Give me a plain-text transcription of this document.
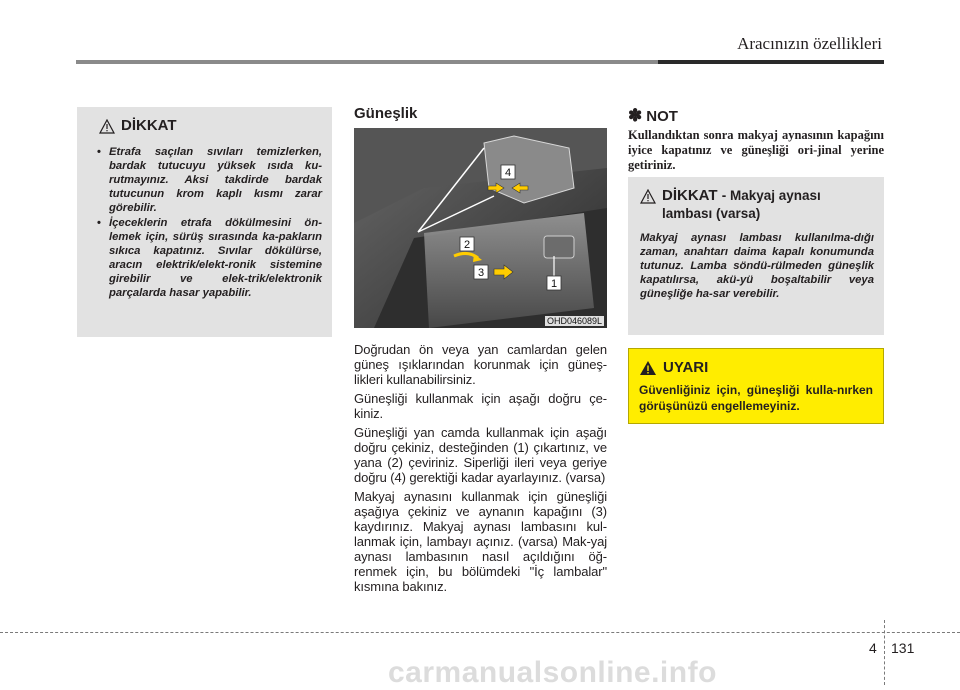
Aracınızın özellikleri
DİKKAT
• Etrafa saçılan sıvıları temizlerken, bardak tutucuyu yüksek ısıda ku-rutmayınız. Aksi takdirde bardak tutucunun krom kaplı kısmı zarar görebilir.
• İçeceklerin etrafa dökülmesini ön-lemek için, sürüş sırasında ka-pakların sıkıca kapatınız. Sıvılar dökülürse, aracın elektrik/elekt-ronik sistemine girebilir ve elek-trik/elektronik parçalarda hasar yapabilir.
Güneşlik
4
2
3
1
OHD046089L

Doğrudan ön veya yan camlardan gelen güneş ışıklarından korunmak için güneş-likleri kullanabilirsiniz.

Güneşliği kullanmak için aşağı doğru çe-kiniz.

Güneşliği yan camda kullanmak için aşağı doğru çekiniz, desteğinden (1) çıkartınız, ve yana (2) çeviriniz. Siperliği ileri veya geriye doğru (4) gerektiği kadar ayarlayınız. (varsa)

Makyaj aynasını kullanmak için güneşliği aşağıya çekiniz ve aynanın kapağını (3) kaydırınız. Makyaj aynası lambasını kul-lanmak için, lambayı açınız. (varsa) Mak-yaj aynası lambasının nasıl açıldığını öğ-renmek için, bu bölümdeki "İç lambalar" kısmına bakınız.

✽ NOT
Kullandıktan sonra makyaj aynasının kapağını iyice kapatınız ve güneşliği ori-jinal yerine getiriniz.
DİKKAT - Makyaj aynası lambası (varsa)
Makyaj aynası lambası kullanılma-dığı zaman, anahtarı daima kapalı konumunda tutunuz. Lamba söndü-rülmeden güneşlik kapatılırsa, akü-yü boşaltabilir veya güneşliğe ha-sar verebilir.
UYARI
Güvenliğiniz için, güneşliği kulla-nırken görüşünüzü engellemeyiniz.
4 131
carmanualsonline.info
